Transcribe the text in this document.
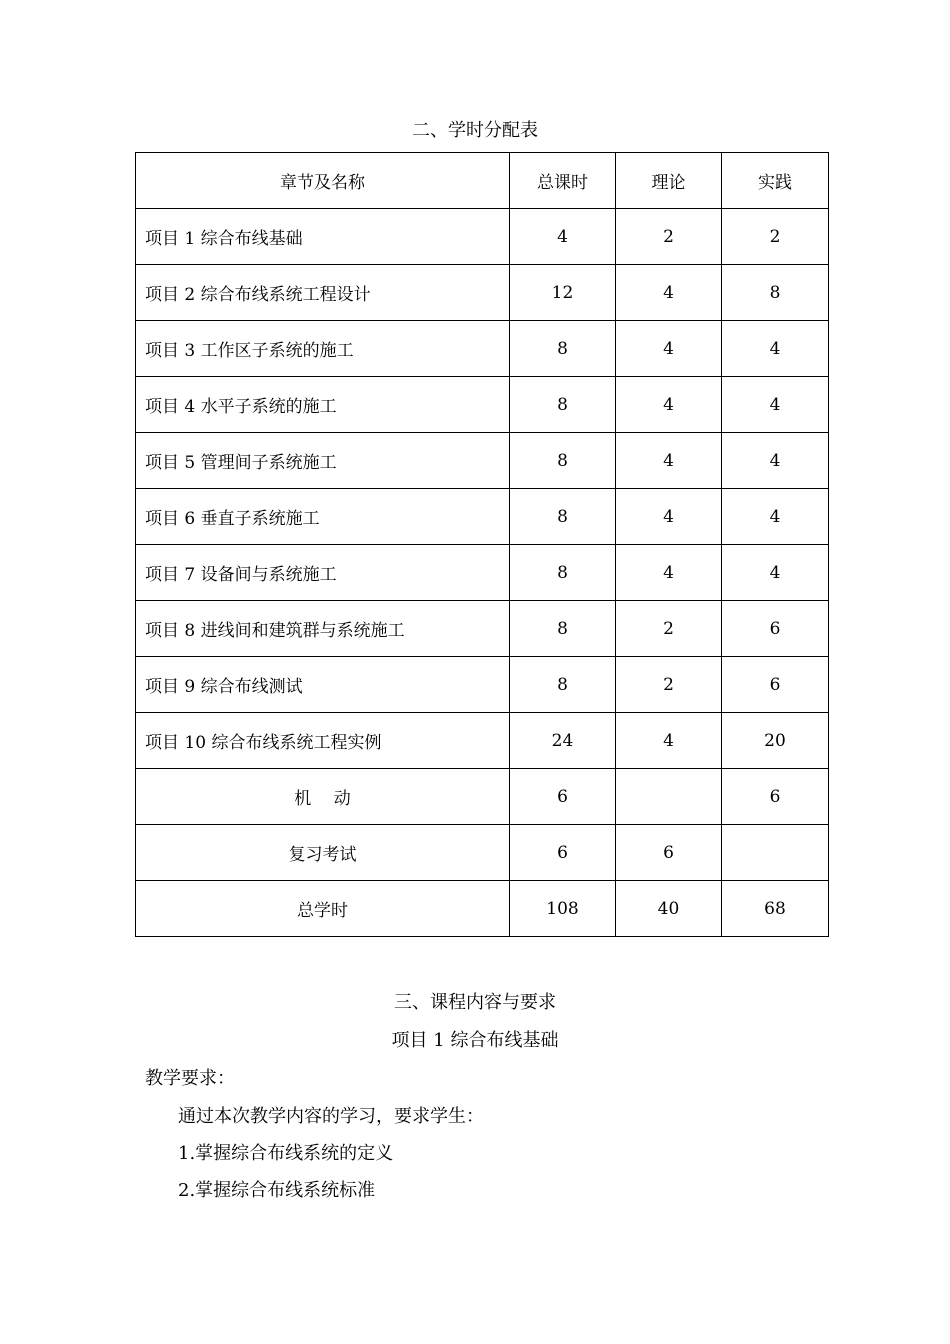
二、学时分配表
章节及名称	总课时	理论	实践
项目 1 综合布线基础	4	2	2
项目 2 综合布线系统工程设计	12	4	8
项目 3 工作区子系统的施工	8	4	4
项目 4 水平子系统的施工	8	4	4
项目 5 管理间子系统施工	8	4	4
项目 6 垂直子系统施工	8	4	4
项目 7 设备间与系统施工	8	4	4
项目 8 进线间和建筑群与系统施工	8	2	6
项目 9 综合布线测试	8	2	6
项目 10 综合布线系统工程实例	24	4	20
机　 动	6		6
复习考试	6	6	
总学时	108	40	68
三、课程内容与要求
项目 1 综合布线基础
教学要求：
通过本次教学内容的学习，要求学生：
1.掌握综合布线系统的定义
2.掌握综合布线系统标准
